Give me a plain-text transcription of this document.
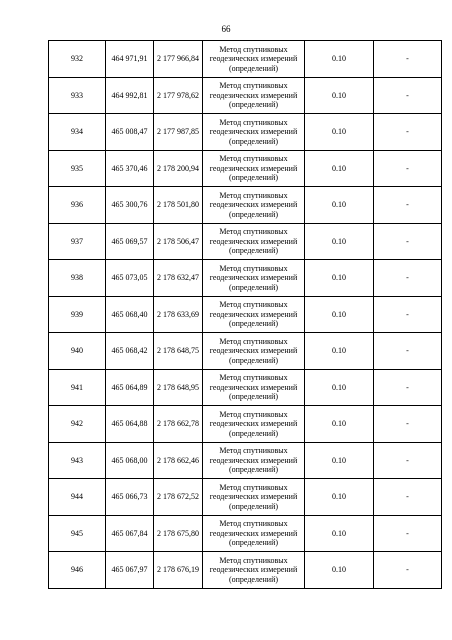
66
932	464 971,91	2 177 966,84	Метод спутниковых
геодезических измерений
(определений)	0.10	-
933	464 992,81	2 177 978,62	Метод спутниковых
геодезических измерений
(определений)	0.10	-
934	465 008,47	2 177 987,85	Метод спутниковых
геодезических измерений
(определений)	0.10	-
935	465 370,46	2 178 200,94	Метод спутниковых
геодезических измерений
(определений)	0.10	-
936	465 300,76	2 178 501,80	Метод спутниковых
геодезических измерений
(определений)	0.10	-
937	465 069,57	2 178 506,47	Метод спутниковых
геодезических измерений
(определений)	0.10	-
938	465 073,05	2 178 632,47	Метод спутниковых
геодезических измерений
(определений)	0.10	-
939	465 068,40	2 178 633,69	Метод спутниковых
геодезических измерений
(определений)	0.10	-
940	465 068,42	2 178 648,75	Метод спутниковых
геодезических измерений
(определений)	0.10	-
941	465 064,89	2 178 648,95	Метод спутниковых
геодезических измерений
(определений)	0.10	-
942	465 064,88	2 178 662,78	Метод спутниковых
геодезических измерений
(определений)	0.10	-
943	465 068,00	2 178 662,46	Метод спутниковых
геодезических измерений
(определений)	0.10	-
944	465 066,73	2 178 672,52	Метод спутниковых
геодезических измерений
(определений)	0.10	-
945	465 067,84	2 178 675,80	Метод спутниковых
геодезических измерений
(определений)	0.10	-
946	465 067,97	2 178 676,19	Метод спутниковых
геодезических измерений
(определений)	0.10	-
